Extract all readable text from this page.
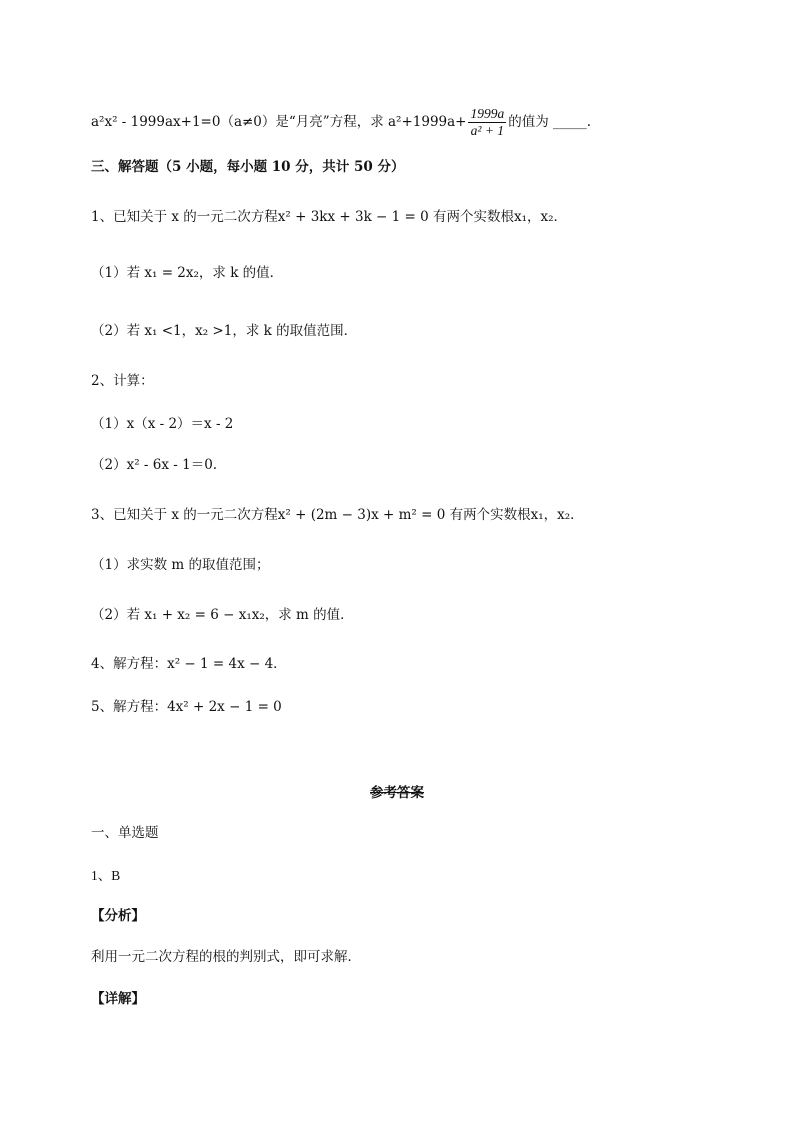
a²x² - 1999ax+1=0（a≠0）是“月亮”方程，求 $a^2+1999a+ \frac{1999a}{\text{a² + 1}}$ 的值为 _____.
三、解答题（5 小题，每小题 10 分，共计 50 分）
1、已知关于 x 的一元二次方程x² + 3kx + 3k − 1 = 0 有两个实数根x₁，x₂．
（1）若 x₁ = 2x₂，求 k 的值．
（2）若 x₁ <1，x₂ >1，求 k 的取值范围．
2、计算：
（1）x（x - 2）＝x - 2
（2）x² - 6x - 1＝0.
3、已知关于 x 的一元二次方程x² + (2m − 3)x + m² = 0 有两个实数根x₁，x₂．
（1）求实数 m 的取值范围；
（2）若 x₁ + x₂ = 6 − x₁x₂，求 m 的值．
4、解方程：x² − 1 = 4x − 4．
5、解方程：4x² + 2x − 1 = 0
参考答案
一、单选题
1、B
【分析】
利用一元二次方程的根的判别式，即可求解．
【详解】
